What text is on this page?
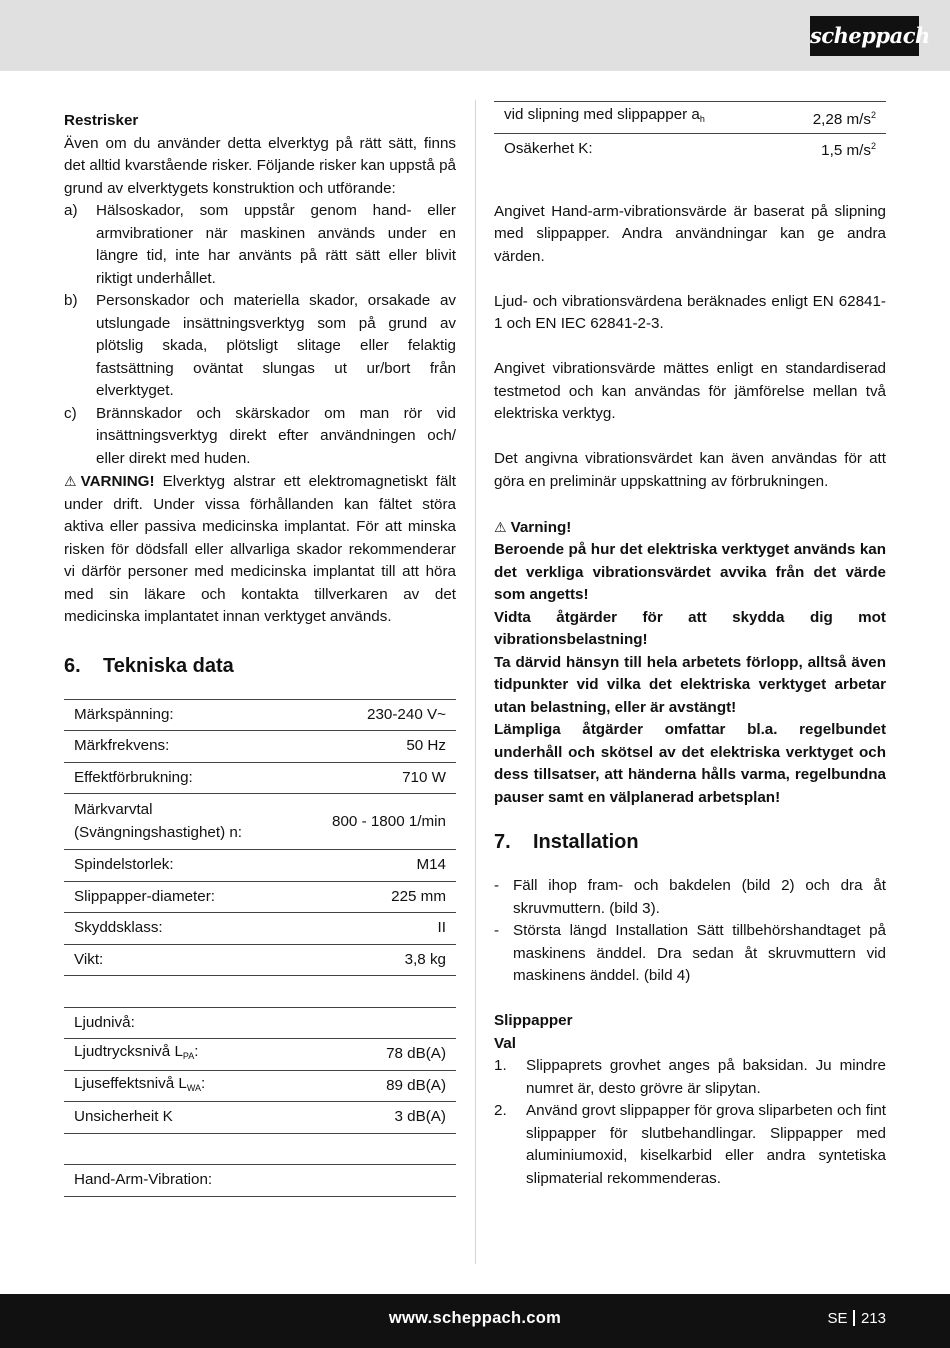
scheppach

Restrisker

Även om du använder detta elverktyg på rätt sätt, finns det alltid kvarstående risker. Följande risker kan uppstå på grund av elverktygets konstruktion och utförande:

a)	Hälsoskador, som uppstår genom hand- eller armvibrationer när maskinen används under en längre tid, inte har använts på rätt sätt eller blivit riktigt underhållet.
b)	Personskador och materiella skador, orsakade av utslungade insättningsverktyg som på grund av plötslig skada, plötsligt slitage eller felaktig fastsättning oväntat slungas ut ur/bort från elverktyget.
c)	Brännskador och skärskador om man rör vid insättningsverktyg direkt efter användningen och/ eller direkt med huden.

⚠ VARNING! Elverktyg alstrar ett elektromagnetiskt fält under drift. Under vissa förhållanden kan fältet störa aktiva eller passiva medicinska implantat. För att minska risken för dödsfall eller allvarliga skador rekommenderar vi därför personer med medicinska implantat till att höra med sin läkare och kontakta tillverkaren av det medicinska implantatet innan verktyget används.

6.	Tekniska data
Märkspänning:	230-240 V~
Märkfrekvens:	50 Hz
Effektförbrukning:	710 W
Märkvarvtal (Svängningshastighet) n:	800 - 1800 1/min
Spindelstorlek:	M14
Slippapper-diameter:	225 mm
Skyddsklass:	II
Vikt:	3,8 kg

Ljudnivå:	
Ljudtrycksnivå $L_{PA}$:	78 dB(A)
Ljuseffektsnivå $L_{WA}$:	89 dB(A)
Unsicherheit K	3 dB(A)

Hand-Arm-Vibration:	
vid slipning med slippapper $a_h$	2,28 $m/s^2$
Osäkerhet K:	1,5 $m/s^2$

Angivet Hand-arm-vibrationsvärde är baserat på slipning med slippapper. Andra användningar kan ge andra värden.

Ljud- och vibrationsvärdena beräknades enligt EN 62841-1 och EN IEC 62841-2-3.

Angivet vibrationsvärde mättes enligt en standardiserad testmetod och kan användas för jämförelse mellan två elektriska verktyg.

Det angivna vibrationsvärdet kan även användas för att göra en preliminär uppskattning av förbrukningen.

⚠ Varning!

Beroende på hur det elektriska verktyget används kan det verkliga vibrationsvärdet avvika från det värde som angetts!

Vidta åtgärder för att skydda dig mot vibrationsbelastning!

Ta därvid hänsyn till hela arbetets förlopp, alltså även tidpunkter vid vilka det elektriska verktyget arbetar utan belastning, eller är avstängt!

Lämpliga åtgärder omfattar bl.a. regelbundet underhåll och skötsel av det elektriska verktyget och dess tillsatser, att händerna hålls varma, regelbundna pauser samt en välplanerad arbetsplan!

7.	Installation
- Fäll ihop fram- och bakdelen (bild 2) och dra åt skruvmuttern. (bild 3).
- Största längd Installation Sätt tillbehörshandtaget på maskinens änddel. Dra sedan åt skruvmuttern vid maskinens änddel. (bild 4)

Slippapper

Val

1.	Slippaprets grovhet anges på baksidan. Ju mindre numret är, desto grövre är slipytan.
2.	Använd grovt slippapper för grova sliparbeten och fint slippapper för slutbehandlingar. Slippapper med aluminiumoxid, kiselkarbid eller andra syntetiska slipmaterial rekommenderas.
www.scheppach.com	SE 213
